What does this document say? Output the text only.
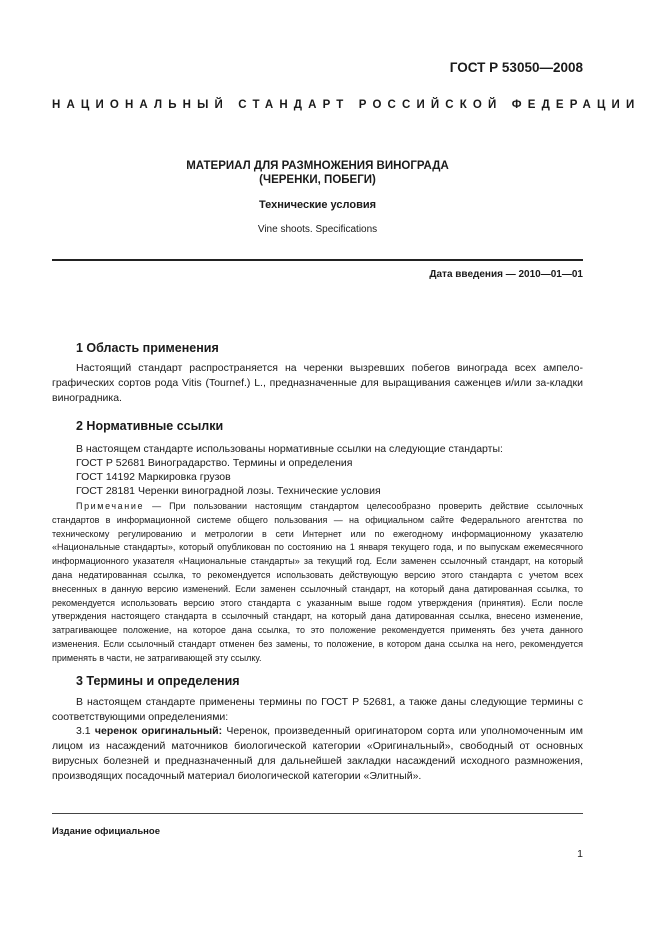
ГОСТ Р 53050—2008
НАЦИОНАЛЬНЫЙ СТАНДАРТ РОССИЙСКОЙ ФЕДЕРАЦИИ
МАТЕРИАЛ ДЛЯ РАЗМНОЖЕНИЯ ВИНОГРАДА
(ЧЕРЕНКИ, ПОБЕГИ)
Технические условия
Vine shoots. Specifications
Дата введения — 2010—01—01
1 Область применения
Настоящий стандарт распространяется на черенки вызревших побегов винограда всех ампело-графических сортов рода Vitis (Tournef.) L., предназначенные для выращивания саженцев и/или за-кладки виноградника.
2 Нормативные ссылки
В настоящем стандарте использованы нормативные ссылки на следующие стандарты:
ГОСТ Р 52681 Виноградарство. Термины и определения
ГОСТ 14192 Маркировка грузов
ГОСТ 28181 Черенки виноградной лозы. Технические условия
Примечание — При пользовании настоящим стандартом целесообразно проверить действие ссылочных стандартов в информационной системе общего пользования — на официальном сайте Федерального агентства по техническому регулированию и метрологии в сети Интернет или по ежегодному информационному указателю «Национальные стандарты», который опубликован по состоянию на 1 января текущего года, и по выпускам ежемесячного информационного указателя «Национальные стандарты» за текущий год. Если заменен ссылочный стандарт, на который дана недатированная ссылка, то рекомендуется использовать действующую версию этого стандарта с учетом всех внесенных в данную версию изменений. Если заменен ссылочный стандарт, на который дана датированная ссылка, то рекомендуется использовать версию этого стандарта с указанным выше годом утверждения (принятия). Если после утверждения настоящего стандарта в ссылочный стандарт, на который дана датированная ссылка, внесено изменение, затрагивающее положение, на которое дана ссылка, то это положение рекомендуется применять без учета данного изменения. Если ссылочный стандарт отменен без замены, то положение, в котором дана ссылка на него, рекомендуется применять в части, не затрагивающей эту ссылку.
3 Термины и определения
В настоящем стандарте применены термины по ГОСТ Р 52681, а также даны следующие термины с соответствующими определениями:
3.1 черенок оригинальный: Черенок, произведенный оригинатором сорта или уполномоченным им лицом из насаждений маточников биологической категории «Оригинальный», свободный от основных вирусных болезней и предназначенный для дальнейшей закладки насаждений исходного размножения, производящих посадочный материал биологической категории «Элитный».
Издание официальное
1
